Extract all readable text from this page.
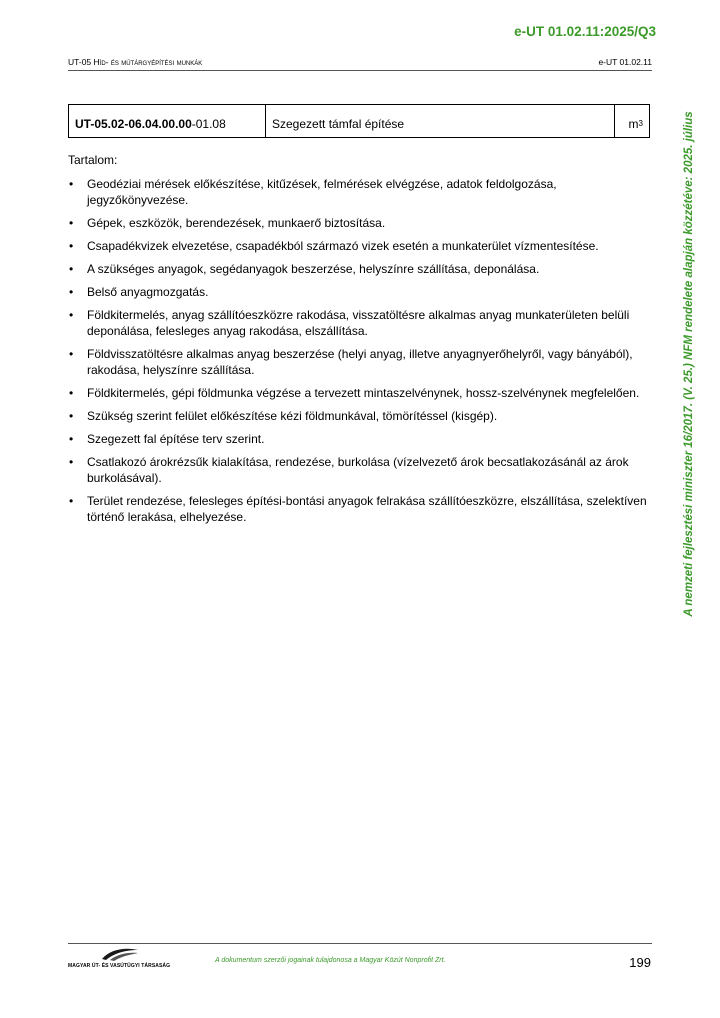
e-UT 01.02.11:2025/Q3
UT-05 Híd- és műtárgyépítési munkák	e-UT 01.02.11
A nemzeti fejlesztési miniszter 16/2017. (V. 25.) NFM rendelete alapján közzétéve: 2025. július
UT-05.02-06.04.00.00 -01.08	Szegezett támfal építése	m 3

Tartalom:

• Geodéziai mérések előkészítése, kitűzések, felmérések elvégzése, adatok feldolgozása, jegyzőkönyvezése.
• Gépek, eszközök, berendezések, munkaerő biztosítása.
• Csapadékvizek elvezetése, csapadékból származó vizek esetén a munkaterület vízmentesítése.
• A szükséges anyagok, segédanyagok beszerzése, helyszínre szállítása, deponálása.
• Belső anyagmozgatás.
• Földkitermelés, anyag szállítóeszközre rakodása, visszatöltésre alkalmas anyag munkaterületen belüli deponálása, felesleges anyag rakodása, elszállítása.
• Földvisszatöltésre alkalmas anyag beszerzése (helyi anyag, illetve anyagnyerőhelyről, vagy bányából), rakodása, helyszínre szállítása.
• Földkitermelés, gépi földmunka végzése a tervezett mintaszelvénynek, hossz-szelvénynek megfelelően.
• Szükség szerint felület előkészítése kézi földmunkával, tömörítéssel (kisgép).
• Szegezett fal építése terv szerint.
• Csatlakozó árokrézsűk kialakítása, rendezése, burkolása (vízelvezető árok becsatlakozásánál az árok burkolásával).
• Terület rendezése, felesleges építési-bontási anyagok felrakása szállítóeszközre, elszállítása, szelektíven történő lerakása, elhelyezése.
MAGYAR ÚT- ÉS VASÚTÜGYI TÁRSASÁG
A dokumentum szerzői jogainak tulajdonosa a Magyar Közút Nonprofit Zrt.	199
